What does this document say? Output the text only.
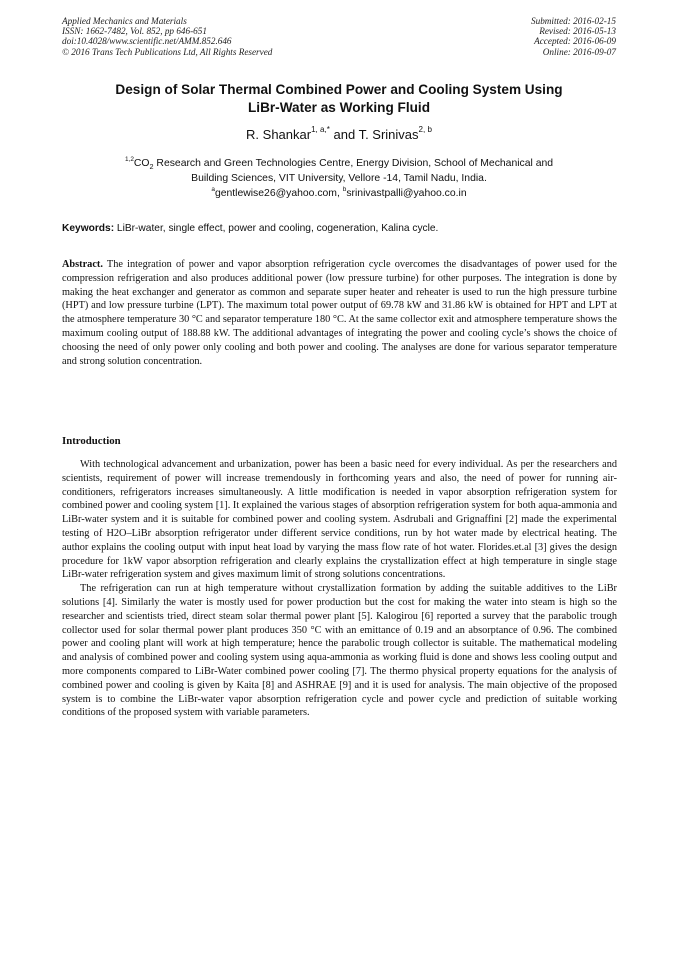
Applied Mechanics and Materials
ISSN: 1662-7482, Vol. 852, pp 646-651
doi:10.4028/www.scientific.net/AMM.852.646
© 2016 Trans Tech Publications Ltd, All Rights Reserved
Submitted: 2016-02-15
Revised: 2016-05-13
Accepted: 2016-06-09
Online: 2016-09-07
Design of Solar Thermal Combined Power and Cooling System Using
LiBr-Water as Working Fluid
R. Shankar$^{1, a,*}$ and T. Srinivas$^{2, b}$
$^{1,2}CO_2$ Research and Green Technologies Centre, Energy Division, School of Mechanical and
Building Sciences, VIT University, Vellore -14, Tamil Nadu, India.
$^a$gentlewise26@yahoo.com, $^b$srinivastpalli@yahoo.co.in
Keywords: LiBr-water, single effect, power and cooling, cogeneration, Kalina cycle.
Abstract. The integration of power and vapor absorption refrigeration cycle overcomes the disadvantages of power used for the compression refrigeration and also produces additional power (low pressure turbine) for other purposes. The integration is done by making the heat exchanger and generator as common and separate super heater and reheater is used to run the high pressure turbine (HPT) and low pressure turbine (LPT). The maximum total power output of 69.78 kW and 31.86 kW is obtained for HPT and LPT at the atmosphere temperature 30 °C and separator temperature 180 °C. At the same collector exit and atmosphere temperature shows the maximum cooling output of 188.88 kW. The additional advantages of integrating the power and cooling cycle’s shows the choice of choosing the need of only power only cooling and both power and cooling. The analyses are done for various separator temperature and strong solution concentration.
Introduction

With technological advancement and urbanization, power has been a basic need for every individual. As per the researchers and scientists, requirement of power will increase tremendously in forthcoming years and also, the need of power for running air-conditioners, refrigerators increases simultaneously. A little modification is needed in vapor absorption refrigeration system for combined power and cooling system [1]. It explained the various stages of absorption refrigeration system for both aqua-ammonia and LiBr-water system and it is suitable for combined power and cooling system. Asdrubali and Grignaffini [2] made the experimental testing of H2O–LiBr absorption refrigerator under different service conditions, run by hot water made by electrical heating. The author explains the cooling output with input heat load by varying the mass flow rate of hot water. Floride​s.et.al [3] gives the design procedure for 1kW vapor absorption refrigeration and clearly explains the crystallization effect at high temperature in single stage LiBr-water refrigeration system and gives maximum limit of strong solutions concentrations.

The refrigeration can run at high temperature without crystallization formation by adding the suitable additives to the LiBr solutions [4]. Similarly the water is mostly used for power production but the cost for making the water into steam is high so the researcher and scientists tried, direct steam solar thermal power plant [5]. Kalogirou [6] reported a survey that the parabolic trough collector used for solar thermal power plant produces 350 °C with an emittance of 0.19 and an absorptance of 0.96. The combined power and cooling plant will work at high temperature; hence the parabolic trough collector is suitable. The mathematical modeling and analysis of combined power and cooling system using aqua-ammonia as working fluid is done and shows less cooling output and more components compared to LiBr-Water combined power cooling [7]. The thermo physical property equations for the analysis of combined power and cooling is given by Kaita [8] and ASHRAE [9] and it is used for analysis. The main objective of the proposed system is to combine the LiBr-water vapor absorption refrigeration cycle and power cycle and prediction of suitable working conditions of the proposed system with variable parameters.
